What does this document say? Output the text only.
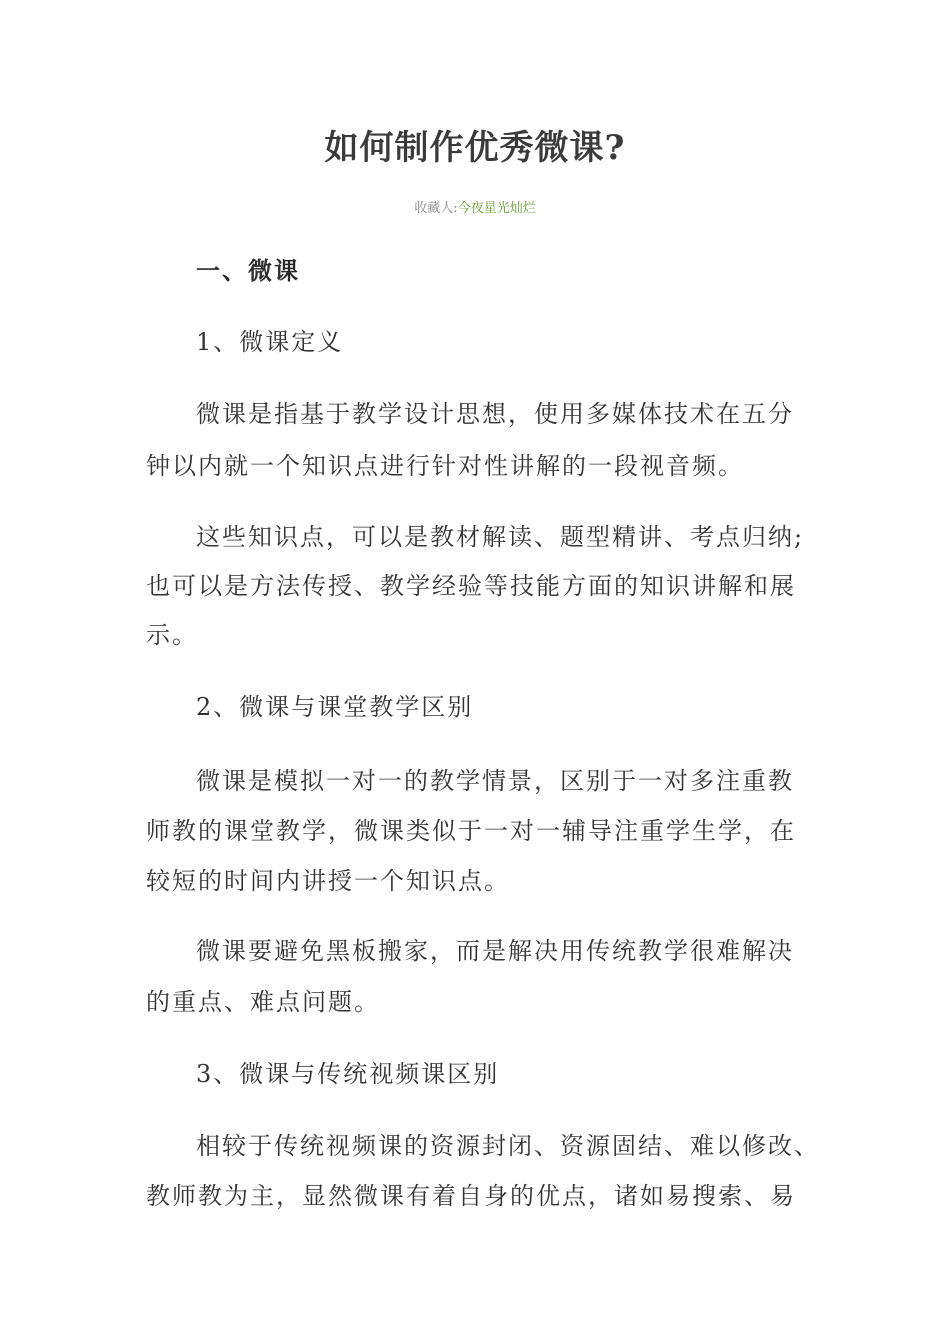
如何制作优秀微课?
收藏人:今夜星光灿烂
一、微课
1、微课定义
微课是指基于教学设计思想，使用多媒体技术在五分
钟以内就一个知识点进行针对性讲解的一段视音频。
这些知识点，可以是教材解读、题型精讲、考点归纳;
也可以是方法传授、教学经验等技能方面的知识讲解和展
示。
2、微课与课堂教学区别
微课是模拟一对一的教学情景，区别于一对多注重教
师教的课堂教学，微课类似于一对一辅导注重学生学，在
较短的时间内讲授一个知识点。
微课要避免黑板搬家，而是解决用传统教学很难解决
的重点、难点问题。
3、微课与传统视频课区别
相较于传统视频课的资源封闭、资源固结、难以修改、
教师教为主，显然微课有着自身的优点，诸如易搜索、易
